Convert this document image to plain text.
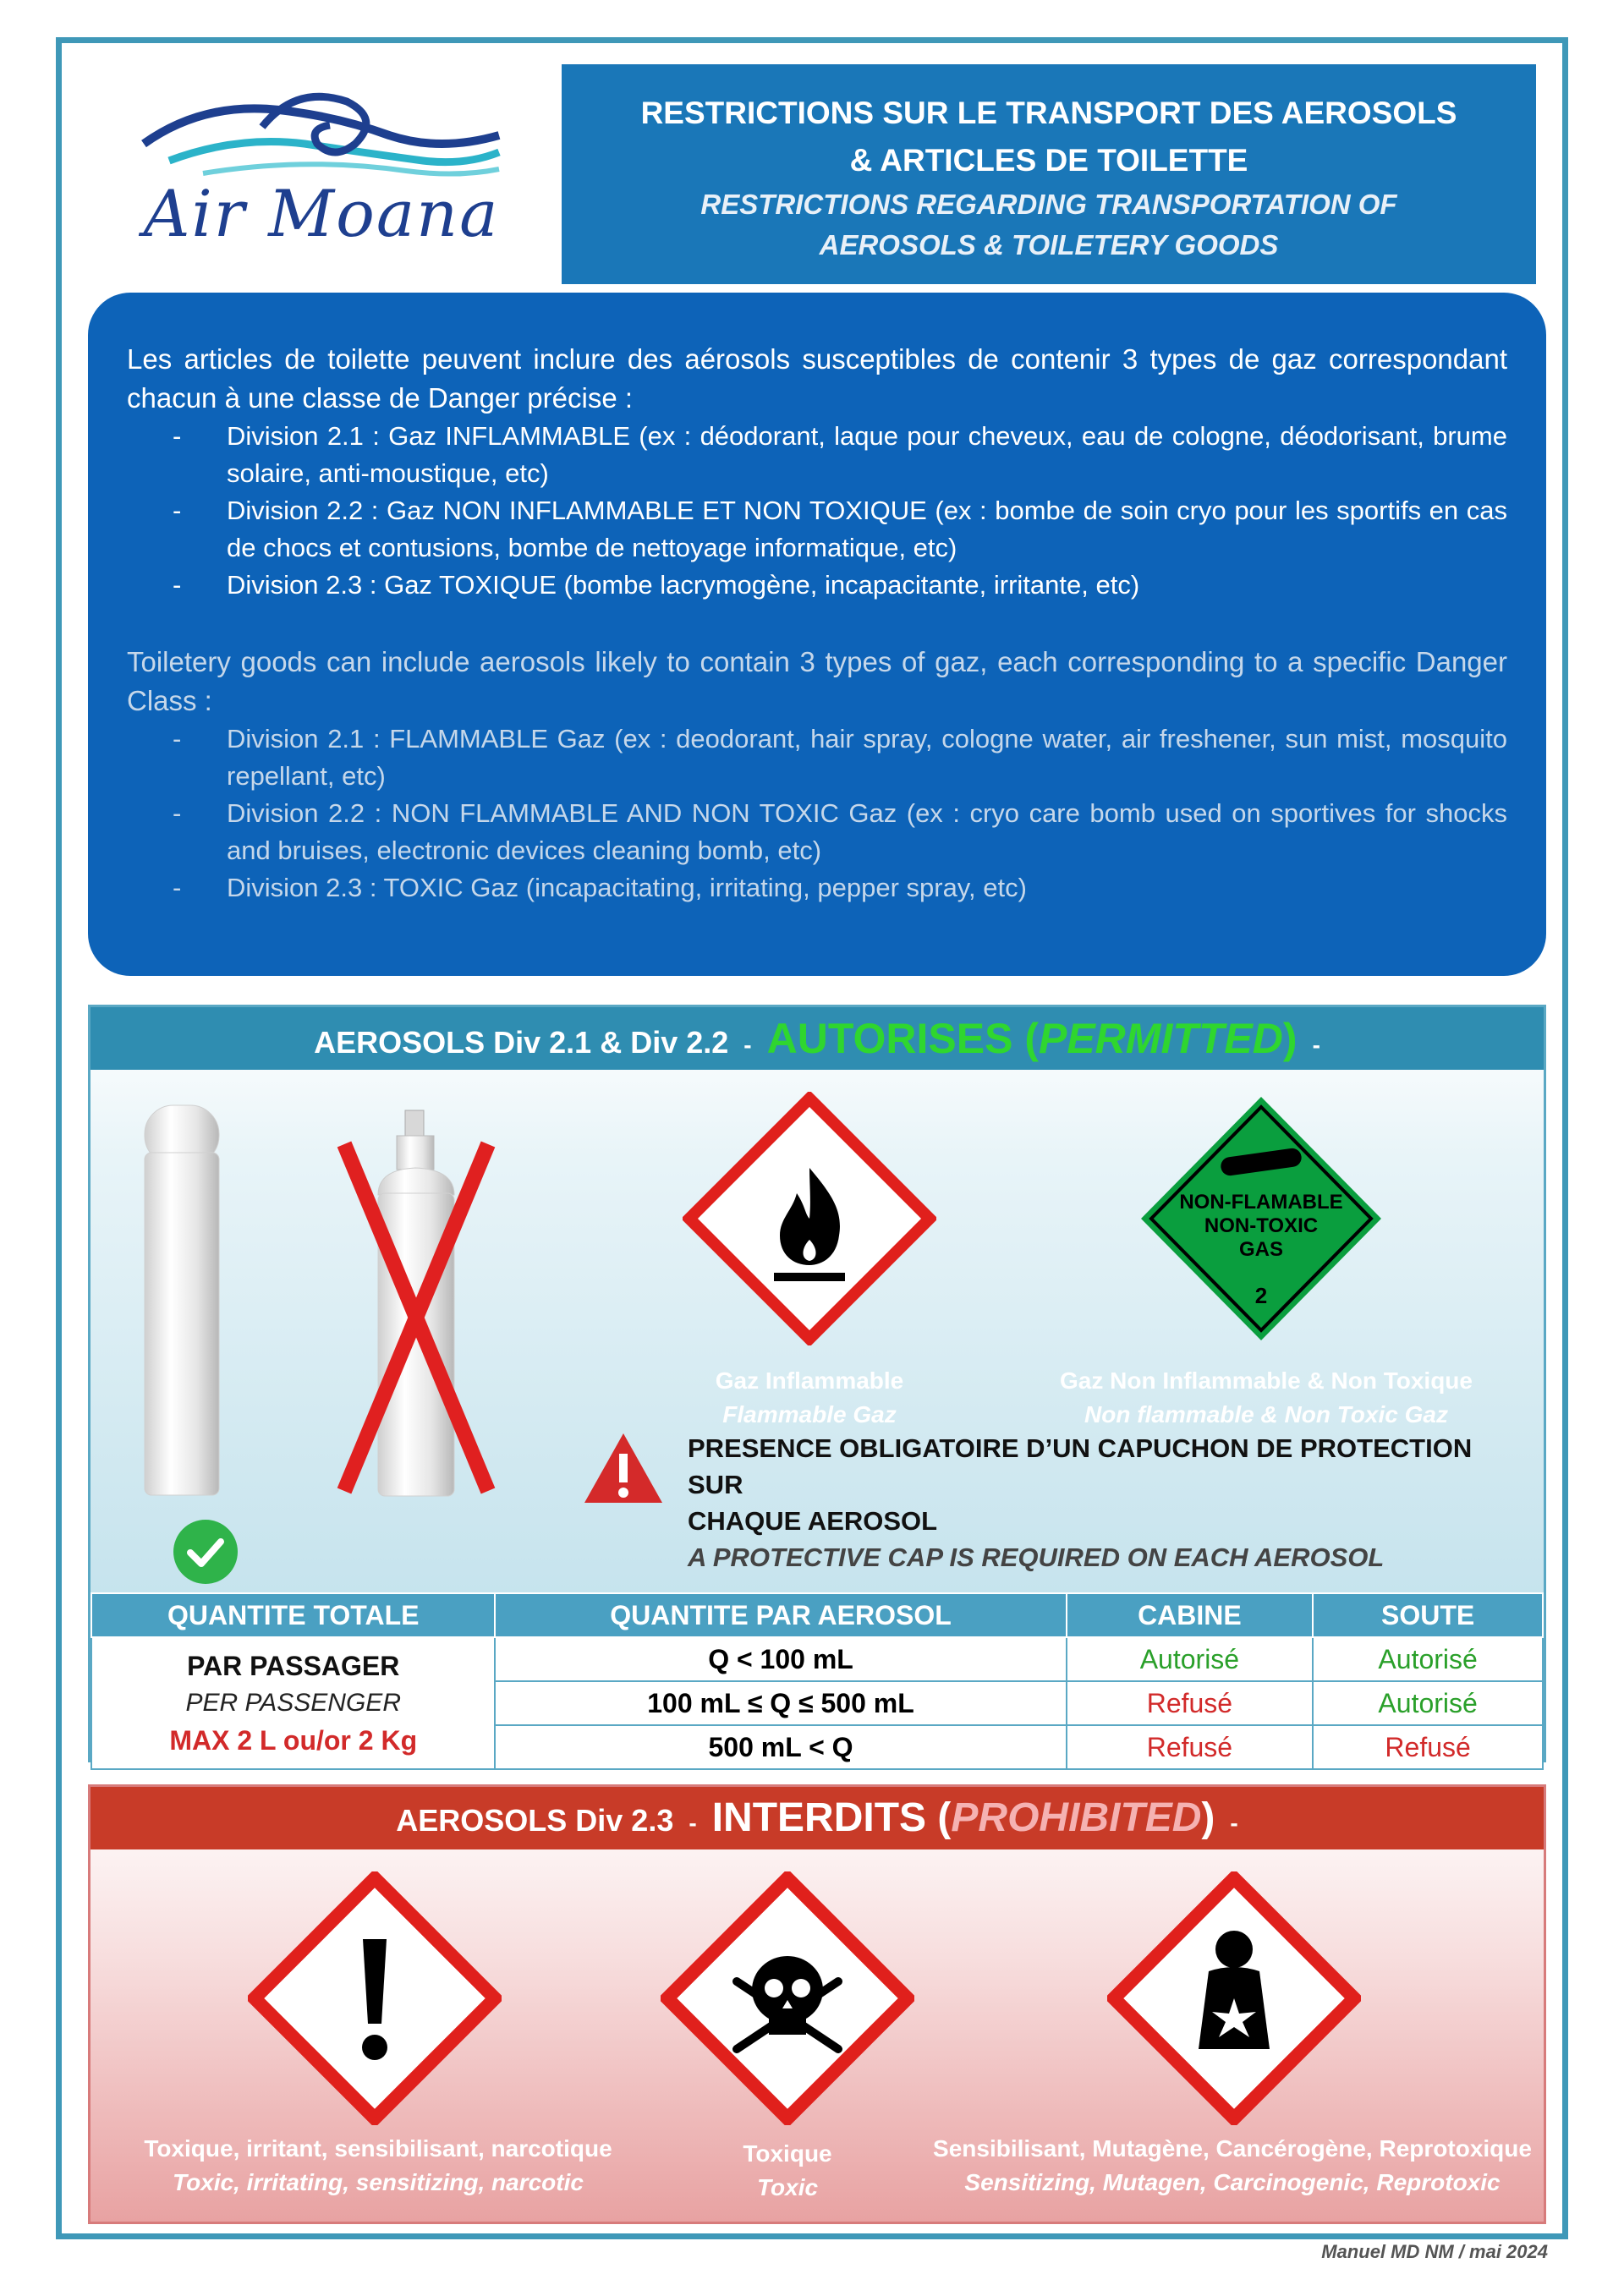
Air Moana
RESTRICTIONS SUR LE TRANSPORT DES AEROSOLS
& ARTICLES DE TOILETTE
RESTRICTIONS REGARDING TRANSPORTATION OF
AEROSOLS & TOILETERY GOODS

Les articles de toilette peuvent inclure des aérosols susceptibles de contenir 3 types de gaz correspondant chacun à une classe de Danger précise :

- Division 2.1 : Gaz INFLAMMABLE (ex : déodorant, laque pour cheveux, eau de cologne, déodorisant, brume solaire, anti-moustique, etc)
- Division 2.2 : Gaz NON INFLAMMABLE ET NON TOXIQUE (ex : bombe de soin cryo pour les sportifs en cas de chocs et contusions, bombe de nettoyage informatique, etc)
- Division 2.3 : Gaz TOXIQUE (bombe lacrymogène, incapacitante, irritante, etc)

Toiletery goods can include aerosols likely to contain 3 types of gaz, each corresponding to a specific Danger Class :

- Division 2.1 : FLAMMABLE Gaz (ex : deodorant, hair spray, cologne water, air freshener, sun mist, mosquito repellant, etc)
- Division 2.2 : NON FLAMMABLE AND NON TOXIC Gaz (ex : cryo care bomb used on sportives for shocks and bruises, electronic devices cleaning bomb, etc)
- Division 2.3 : TOXIC Gaz (incapacitating, irritating, pepper spray, etc)
AEROSOLS Div 2.1 & Div 2.2 - AUTORISES (PERMITTED) -
Gaz Inflammable
Flammable Gaz
NON-FLAMABLE
NON-TOXIC
GAS
2
Gaz Non Inflammable & Non Toxique
Non flammable & Non Toxic Gaz
PRESENCE OBLIGATOIRE D’UN CAPUCHON DE PROTECTION SUR
CHAQUE AEROSOL
A PROTECTIVE CAP IS REQUIRED ON EACH AEROSOL
QUANTITE TOTALE	QUANTITE PAR AEROSOL	CABINE	SOUTE

PAR PASSAGER
PER PASSENGER
MAX 2 L ou/or 2 Kg	Q < 100 mL	Autorisé	Autorisé
	100 mL ≤ Q ≤ 500 mL	Refusé	Autorisé
	500 mL < Q	Refusé	Refusé
AEROSOLS Div 2.3 - INTERDITS (PROHIBITED) -
Toxique, irritant, sensibilisant, narcotique
Toxic, irritating, sensitizing, narcotic
Toxique
Toxic
Sensibilisant, Mutagène, Cancérogène, Reprotoxique
Sensitizing, Mutagen, Carcinogenic, Reprotoxic
Manuel MD NM / mai 2024
